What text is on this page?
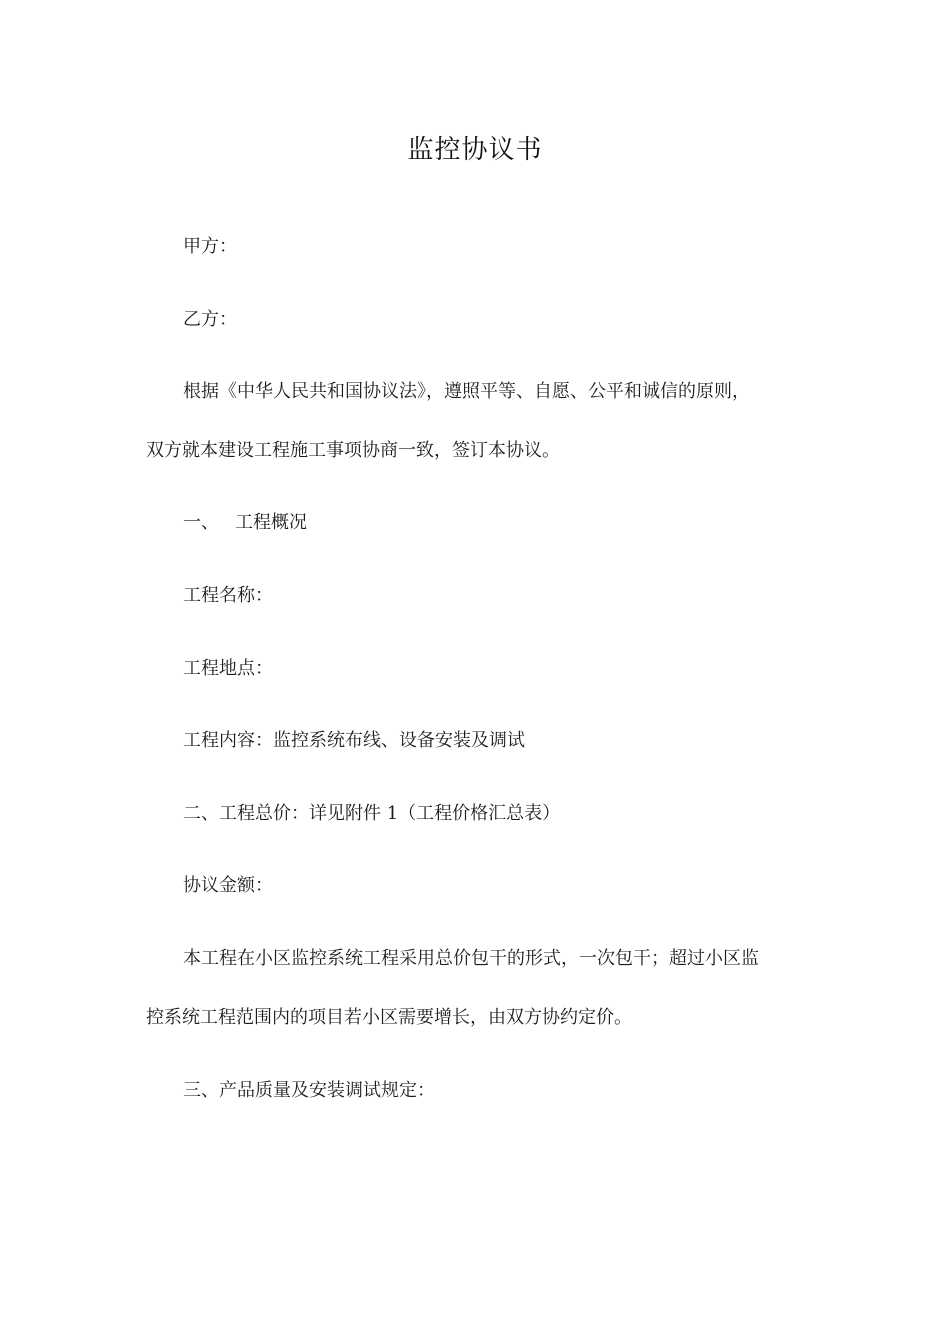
监控协议书

甲方：

乙方：

根据《中华人民共和国协议法》，遵照平等、自愿、公平和诚信的原则，

双方就本建设工程施工事项协商一致，签订本协议。

一、 工程概况

工程名称：

工程地点：

工程内容：监控系统布线、设备安装及调试

二、工程总价：详见附件 1（工程价格汇总表）

协议金额：

本工程在小区监控系统工程采用总价包干的形式，一次包干；超过小区监

控系统工程范围内的项目若小区需要增长，由双方协约定价。

三、产品质量及安装调试规定：
